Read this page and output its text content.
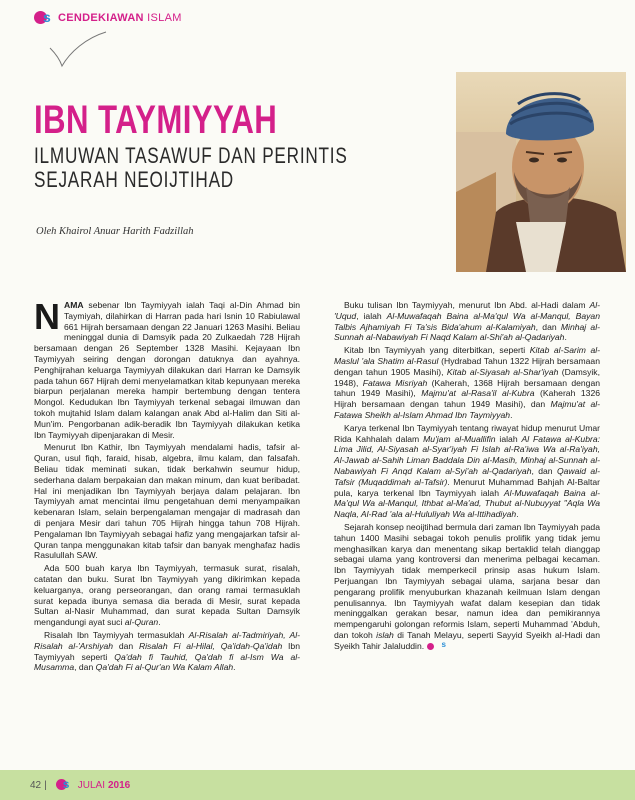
s CENDEKIAWAN ISLAM
IBN TAYMIYYAH
ILMUWAN TASAWUF DAN PERINTIS
SEJARAH NEOIJTIHAD
Oleh Khairol Anuar Harith Fadzillah

NAMA sebenar Ibn Taymiyyah ialah Taqi al-Din Ahmad bin Taymiyah, dilahirkan di Harran pada hari Isnin 10 Rabiulawal 661 Hijrah bersamaan dengan 22 Januari 1263 Masihi. Beliau meninggal dunia di Damsyik pada 20 Zulkaedah 728 Hijrah bersamaan dengan 26 September 1328 Masihi. Kejayaan Ibn Taymiyyah seiring dengan dorongan datuknya dan ayahnya. Penghijrahan keluarga Taymiyyah dilakukan dari Harran ke Damsyik pada tahun 667 Hijrah demi menyelamatkan kitab kepunyaan mereka biarpun perjalanan mereka hampir bertembung dengan tentera Mongol. Kedudukan Ibn Taymiyyah terkenal sebagai ilmuwan dan tokoh mujtahid Islam dalam kalangan anak Abd al-Halim dan Siti al-Mun'im. Pengorbanan adik-beradik Ibn Taymiyyah dilakukan ketika Ibn Taymiyyah dipenjarakan di Mesir.

Menurut Ibn Kathir, Ibn Taymiyyah mendalami hadis, tafsir al-Quran, usul fiqh, faraid, hisab, algebra, ilmu kalam, dan falsafah. Beliau tidak meminati sukan, tidak berkahwin seumur hidup, sederhana dalam berpakaian dan makan minum, dan kuat beribadat. Hal ini menjadikan Ibn Taymiyyah berjaya dalam pelajaran. Ibn Taymiyyah amat mencintai ilmu pengetahuan demi menyampaikan kebenaran Islam, selain berpengalaman mengajar di madrasah dan di penjara Mesir dari tahun 705 Hijrah hingga tahun 708 Hijrah. Pengalaman Ibn Taymiyyah sebagai hafiz yang mengajarkan tafsir al-Quran tanpa menggunakan kitab tafsir dan banyak menghafaz hadis Rasulullah SAW.

Ada 500 buah karya Ibn Taymiyyah, termasuk surat, risalah, catatan dan buku. Surat Ibn Taymiyyah yang dikirimkan kepada keluarganya, orang perseorangan, dan orang ramai termasuklah surat kepada ibunya semasa dia berada di Mesir, surat kepada Sultan al-Nasir Muhammad, dan surat kepada Sultan Damsyik mengandungi ayat suci al-Quran.

Risalah Ibn Taymiyyah termasuklah Al-Risalah al-Tadmiriyah, Al-Risalah al-'Arshiyah dan Risalah Fi al-Hilal, Qa'idah-Qa'idah Ibn Taymiyyah seperti Qa'dah fi Tauhid, Qa'dah fi al-Ism Wa al-Musamma, dan Qa'dah Fi al-Qur'an Wa Kalam Allah.

Buku tulisan Ibn Taymiyyah, menurut Ibn Abd. al-Hadi dalam Al-'Uqud, ialah Al-Muwafaqah Baina al-Ma'qul Wa al-Manqul, Bayan Talbis Ajhamiyah Fi Ta'sis Bida'ahum al-Kalamiyah, dan Minhaj al-Sunnah al-Nabawiyah Fi Naqd Kalam al-Shi'ah al-Qadariyah.

Kitab Ibn Taymiyyah yang diterbitkan, seperti Kitab al-Sarim al-Maslul 'ala Shatim al-Rasul (Hydrabad Tahun 1322 Hijrah bersamaan dengan tahun 1905 Masihi), Kitab al-Siyasah al-Shar'iyah (Damsyik, 1948), Fatawa Misriyah (Kaherah, 1368 Hijrah bersamaan dengan tahun 1949 Masihi), Majmu'at al-Rasa'il al-Kubra (Kaherah 1326 Hijrah bersamaan dengan tahun 1949 Masihi), dan Majmu'at al-Fatawa Sheikh al-Islam Ahmad Ibn Taymiyyah.

Karya terkenal Ibn Taymiyyah tentang riwayat hidup menurut Umar Rida Kahhalah dalam Mu'jam al-Muallifin ialah Al Fatawa al-Kubra: Lima Jilid, Al-Siyasah al-Syar'iyah Fi Islah al-Ra'iwa Wa al-Ra'iyah, Al-Jawab al-Sahih Liman Baddala Din al-Masih, Minhaj al-Sunnah al-Nabawiyah Fi Anqd Kalam al-Syi'ah al-Qadariyah, dan Qawaid al-Tafsir (Muqaddimah al-Tafsir). Menurut Muhammad Bahjah Al-Baltar pula, karya terkenal Ibn Taymiyyah ialah Al-Muwafaqah Baina al-Ma'qul Wa al-Manqul, Ithbat al-Ma'ad, Thubut al-Nubuyyat "Aqla Wa Naqla, Al-Rad 'ala al-Hululiyah Wa al-Ittihadiyah.

Sejarah konsep neoijtihad bermula dari zaman Ibn Taymiyyah pada tahun 1400 Masihi sebagai tokoh penulis prolifik yang tidak jemu menghasilkan karya dan menentang sikap bertaklid telah dianggap sebagai ulama yang kontroversi dan menerima pelbagai kecaman. Ibn Taymiyyah tidak memperkecil prinsip asas hukum Islam. Perjuangan Ibn Taymiyyah sebagai ulama, sarjana besar dan pengarang prolifik menyuburkan khazanah keilmuan Islam dengan penulisannya. Ibn Taymiyyah wafat dalam kesepian dan tidak meninggalkan gerakan besar, namun idea dan pemikirannya mempengaruhi golongan reformis Islam, seperti Muhammad 'Abduh, dan tokoh islah di Tanah Melayu, seperti Sayyid Syeikh al-Hadi dan Syeikh Tahir Jalaluddin.	s

42 | s JULAI 2016
